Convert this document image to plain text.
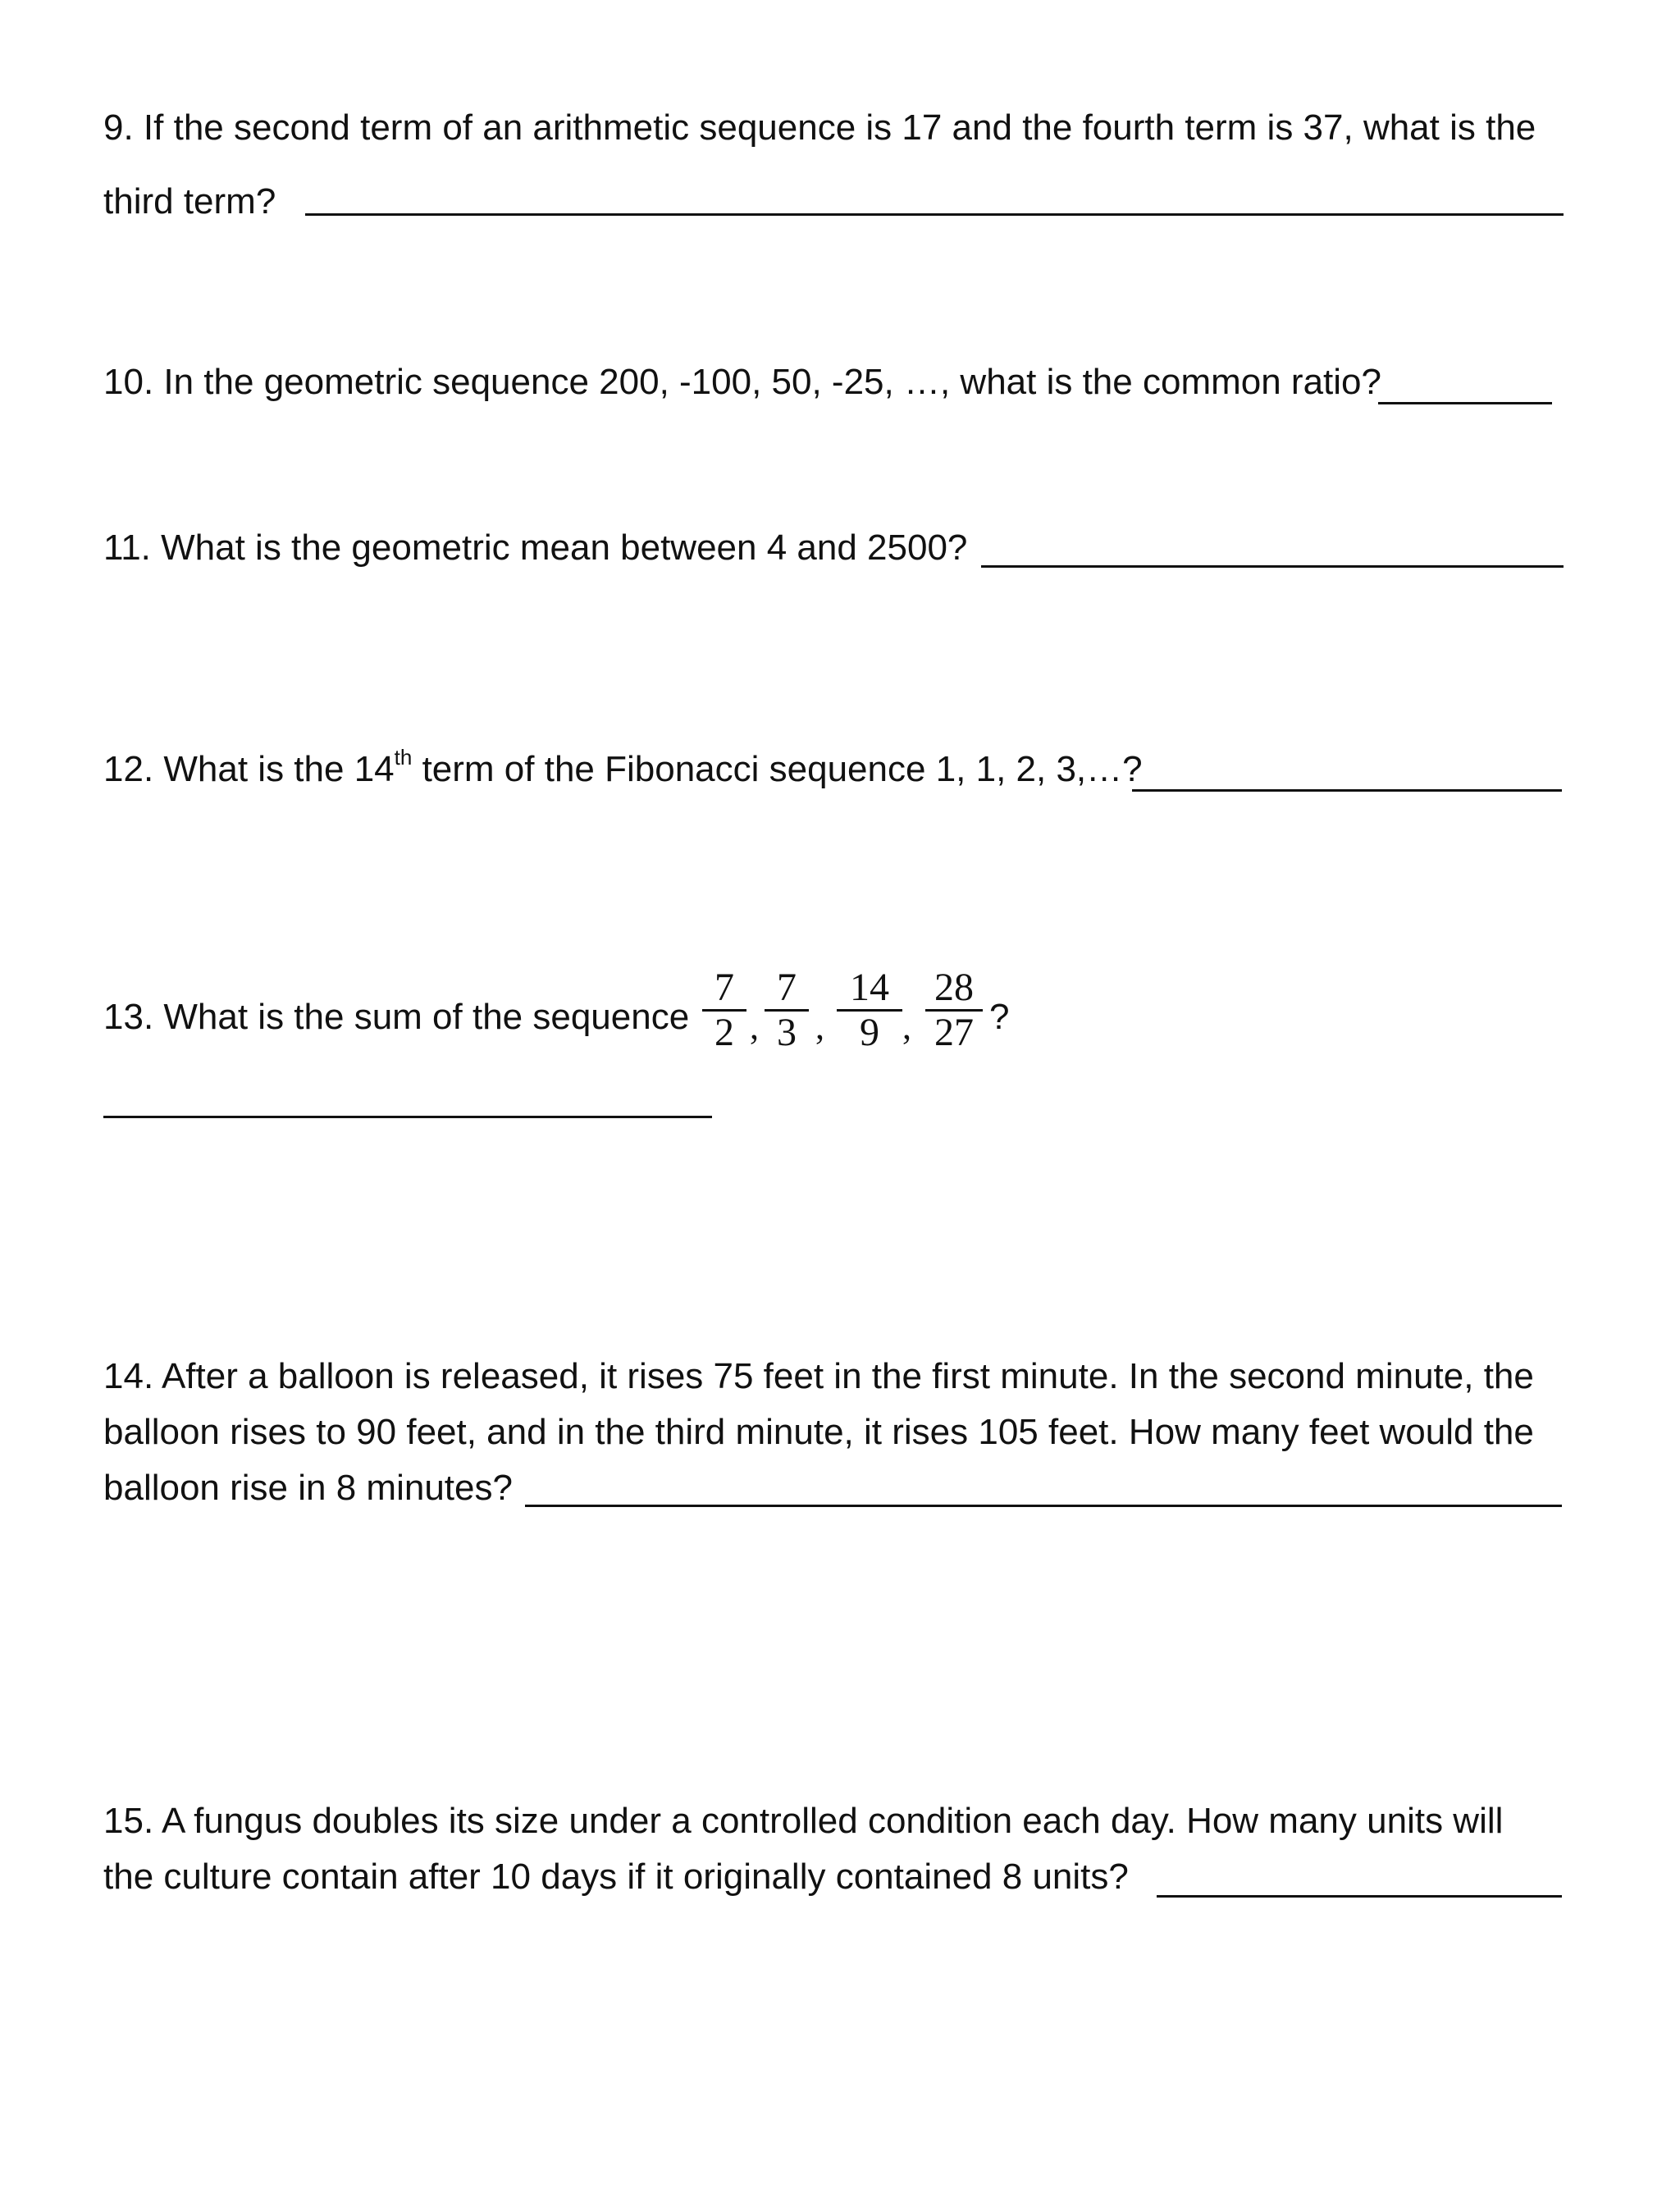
9. If the second term of an arithmetic sequence is 17 and the fourth term is 37, what is the
third term?
10. In the geometric sequence 200, -100, 50, -25, …, what is the common ratio?
11. What is the geometric mean between 4 and 2500?
12. What is the 14th term of the Fibonacci sequence 1, 1, 2, 3,…?
13. What is the sum of the sequence
7
2 ,
7
3 ,
14
9 ,
28
27 ?
14. After a balloon is released, it rises 75 feet in the first minute. In the second minute, the
balloon rises to 90 feet, and in the third minute, it rises 105 feet. How many feet would the
balloon rise in 8 minutes?
15. A fungus doubles its size under a controlled condition each day. How many units will
the culture contain after 10 days if it originally contained 8 units?
